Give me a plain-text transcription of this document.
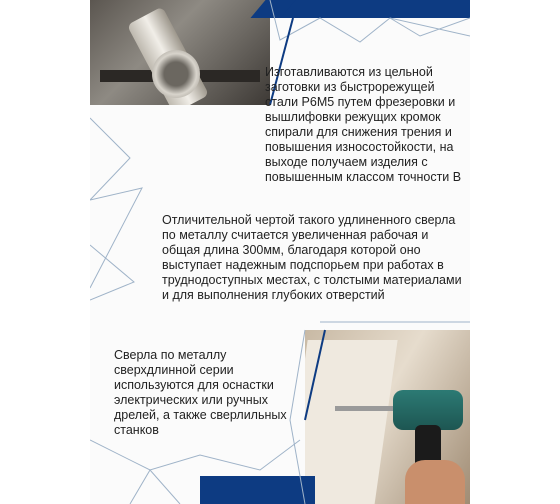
Изготавливаются из цельной заготовки из быстрорежущей стали Р6М5 путем фрезеровки и вышлифовки режущих кромок спирали для снижения трения и повышения износостойкости, на выходе получаем изделия с повышенным классом точности В

Отличительной чертой такого удлиненного сверла по металлу считается увеличенная рабочая и общая длина 300мм, благодаря которой оно выступает надежным подспорьем при работах в труднодоступных местах, с толстыми материалами и для выполнения глубоких отверстий

Сверла по металлу сверхдлинной серии используются для оснастки электрических или ручных дрелей, а также сверлильных станков
